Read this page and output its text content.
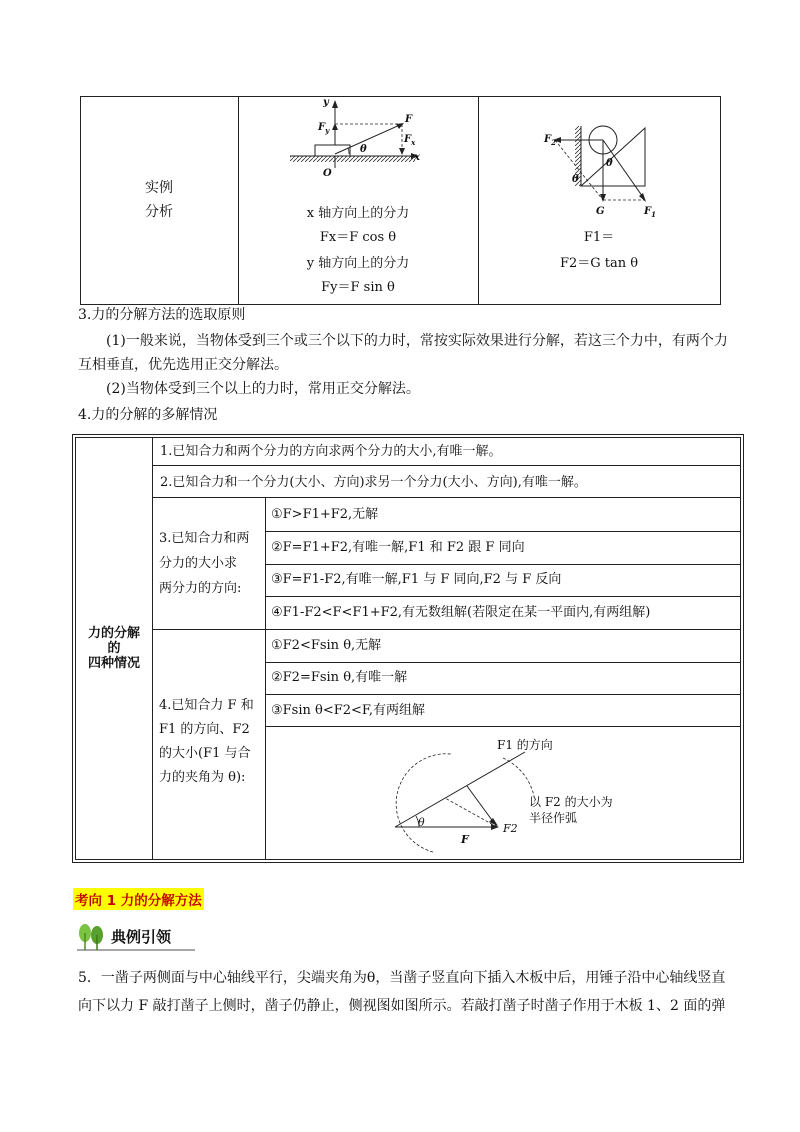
实例
分析
y
x
O
$F_y$
F
$F_x$
θ
x 轴方向上的分力
Fx＝F cos θ
y 轴方向上的分力
Fy＝F sin θ
$F_2$
θ
θ
G	$F_1$
F1＝
F2＝G tan θ
3.力的分解方法的选取原则
(1)一般来说，当物体受到三个或三个以下的力时，常按实际效果进行分解，若这三个力中，有两个力
互相垂直，优先选用正交分解法。
(2)当物体受到三个以上的力时，常用正交分解法。
4.力的分解的多解情况
力的分解
的
四种情况
1.已知合力和两个分力的方向求两个分力的大小,有唯一解。
2.已知合力和一个分力(大小、方向)求另一个分力(大小、方向),有唯一解。
3.已知合力和两
分力的大小求
两分力的方向:
①F>F1+F2,无解
②F=F1+F2,有唯一解,F1 和 F2 跟 F 同向
③F=F1-F2,有唯一解,F1 与 F 同向,F2 与 F 反向
④F1-F2<F<F1+F2,有无数组解(若限定在某一平面内,有两组解)
4.已知合力 F 和
F1 的方向、F2
的大小(F1 与合
力的夹角为 θ):
①F2<Fsin θ,无解
②F2=Fsin θ,有唯一解
③Fsin θ<F2<F,有两组解
F1 的方向
以 F2 的大小为
半径作弧
θ
F
F2
考向 1 力的分解方法
典例引领
5．一凿子两侧面与中心轴线平行，尖端夹角为θ，当凿子竖直向下插入木板中后，用锤子沿中心轴线竖直
向下以力 F 敲打凿子上侧时，凿子仍静止，侧视图如图所示。若敲打凿子时凿子作用于木板 1、2 面的弹
